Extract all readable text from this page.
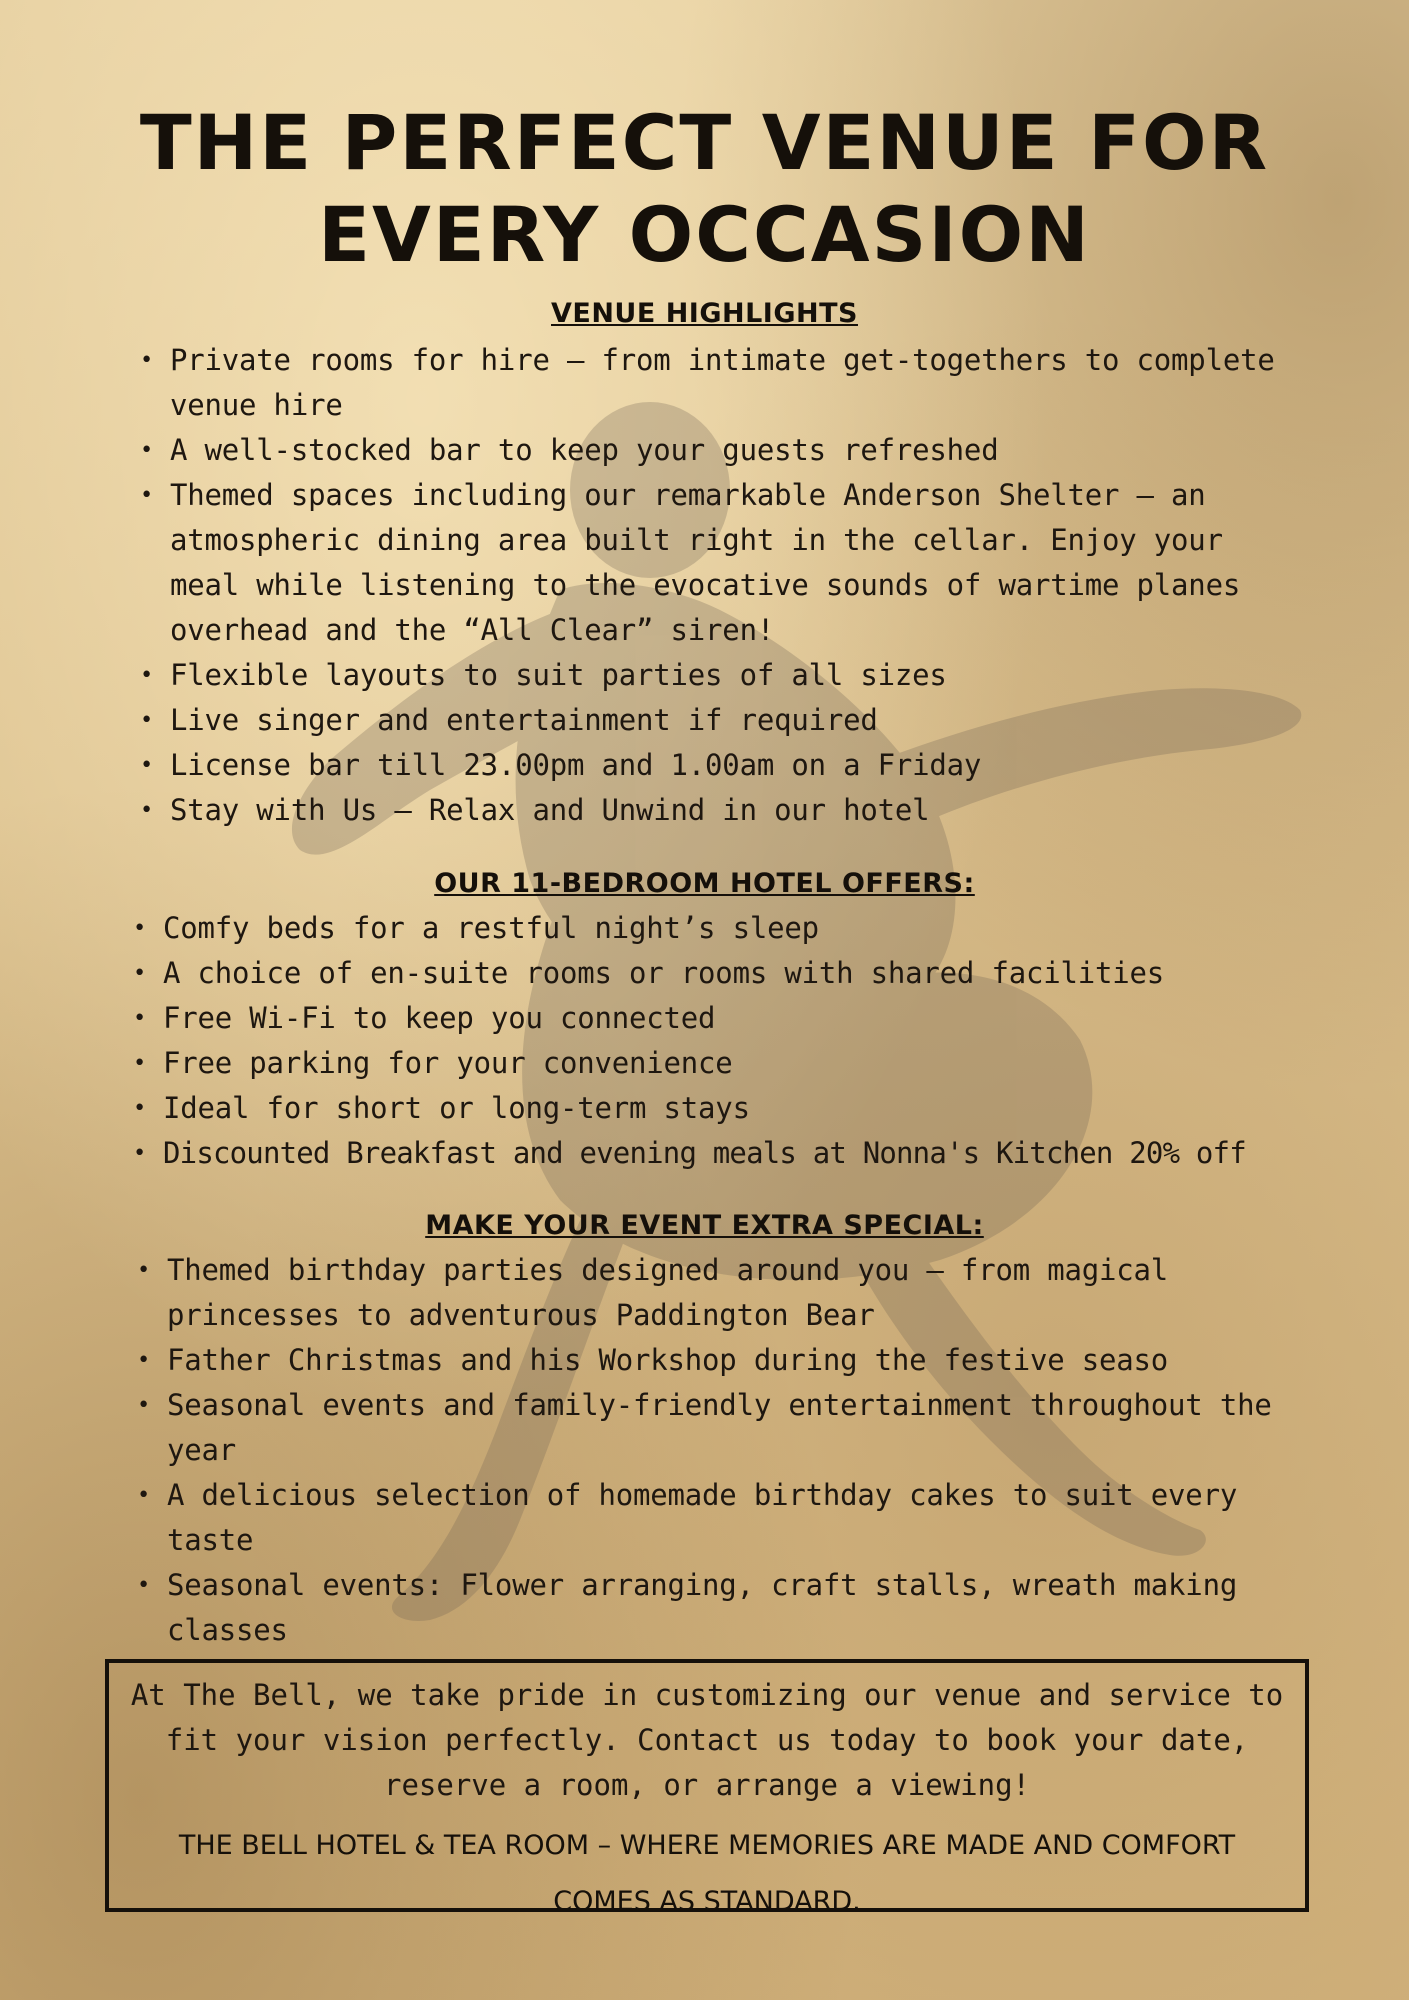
THE PERFECT VENUE FOR
EVERY OCCASION
VENUE HIGHLIGHTS
• Private rooms for hire – from intimate get-togethers to complete venue hire
• A well-stocked bar to keep your guests refreshed
• Themed spaces including our remarkable Anderson Shelter – an atmospheric dining area built right in the cellar. Enjoy your meal while listening to the evocative sounds of wartime planes overhead and the “All Clear” siren!
• Flexible layouts to suit parties of all sizes
• Live singer and entertainment if required
• License bar till 23.00pm and 1.00am on a Friday
• Stay with Us – Relax and Unwind in our hotel
OUR 11-BEDROOM HOTEL OFFERS:
• Comfy beds for a restful night’s sleep
• A choice of en-suite rooms or rooms with shared facilities
• Free Wi-Fi to keep you connected
• Free parking for your convenience
• Ideal for short or long-term stays
• Discounted Breakfast and evening meals at Nonna's Kitchen 20% off
MAKE YOUR EVENT EXTRA SPECIAL:
• Themed birthday parties designed around you – from magical princesses to adventurous Paddington Bear
• Father Christmas and his Workshop during the festive seaso
• Seasonal events and family-friendly entertainment throughout the year
• A delicious selection of homemade birthday cakes to suit every taste
• Seasonal events: Flower arranging, craft stalls, wreath making classes

At The Bell, we take pride in customizing our venue and service to fit your vision perfectly. Contact us today to book your date, reserve a room, or arrange a viewing!

THE BELL HOTEL & TEA ROOM – WHERE MEMORIES ARE MADE AND COMFORT COMES AS STANDARD.
